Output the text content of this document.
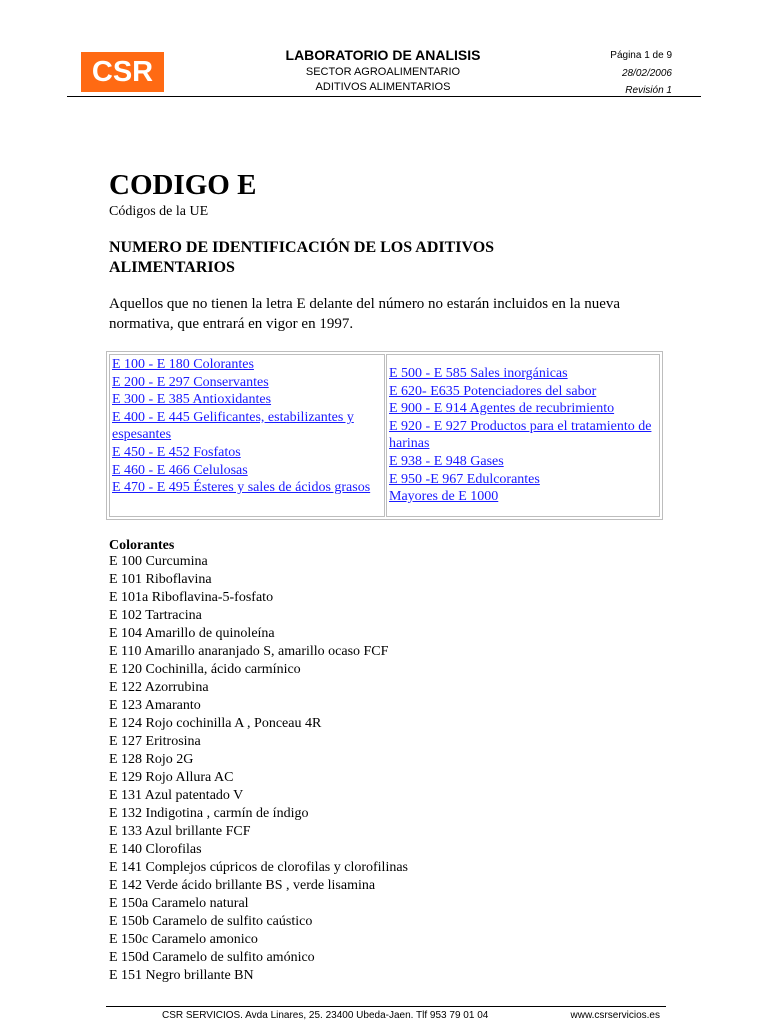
CSR
LABORATORIO DE ANALISIS
SECTOR AGROALIMENTARIO
ADITIVOS ALIMENTARIOS
Página 1 de 9
28/02/2006
Revisión 1
CODIGO E
Códigos de la UE
NUMERO DE IDENTIFICACIÓN DE LOS ADITIVOS
ALIMENTARIOS
Aquellos que no tienen la letra E delante del número no estarán incluidos en la nueva normativa, que entrará en vigor en 1997.
E 100 - E 180 Colorantes
E 200 - E 297 Conservantes
E 300 - E 385 Antioxidantes
E 400 - E 445 Gelificantes, estabilizantes y espesantes
E 450 - E 452 Fosfatos
E 460 - E 466 Celulosas
E 470 - E 495 Ésteres y sales de ácidos grasos
E 500 - E 585 Sales inorgánicas
E 620- E635 Potenciadores del sabor
E 900 - E 914 Agentes de recubrimiento
E 920 - E 927 Productos para el tratamiento de harinas
E 938 - E 948 Gases
E 950 -E 967 Edulcorantes
Mayores de E 1000
Colorantes
E 100 Curcumina
E 101 Riboflavina
E 101a Riboflavina-5-fosfato
E 102 Tartracina
E 104 Amarillo de quinoleína
E 110 Amarillo anaranjado S, amarillo ocaso FCF
E 120 Cochinilla, ácido carmínico
E 122 Azorrubina
E 123 Amaranto
E 124 Rojo cochinilla A , Ponceau 4R
E 127 Eritrosina
E 128 Rojo 2G
E 129 Rojo Allura AC
E 131 Azul patentado V
E 132 Indigotina , carmín de índigo
E 133 Azul brillante FCF
E 140 Clorofilas
E 141 Complejos cúpricos de clorofilas y clorofilinas
E 142 Verde ácido brillante BS , verde lisamina
E 150a Caramelo natural
E 150b Caramelo de sulfito caústico
E 150c Caramelo amonico
E 150d Caramelo de sulfito amónico
E 151 Negro brillante BN
CSR SERVICIOS. Avda Linares, 25. 23400 Ubeda-Jaen. Tlf 953 79 01 04	www.csrservicios.es
